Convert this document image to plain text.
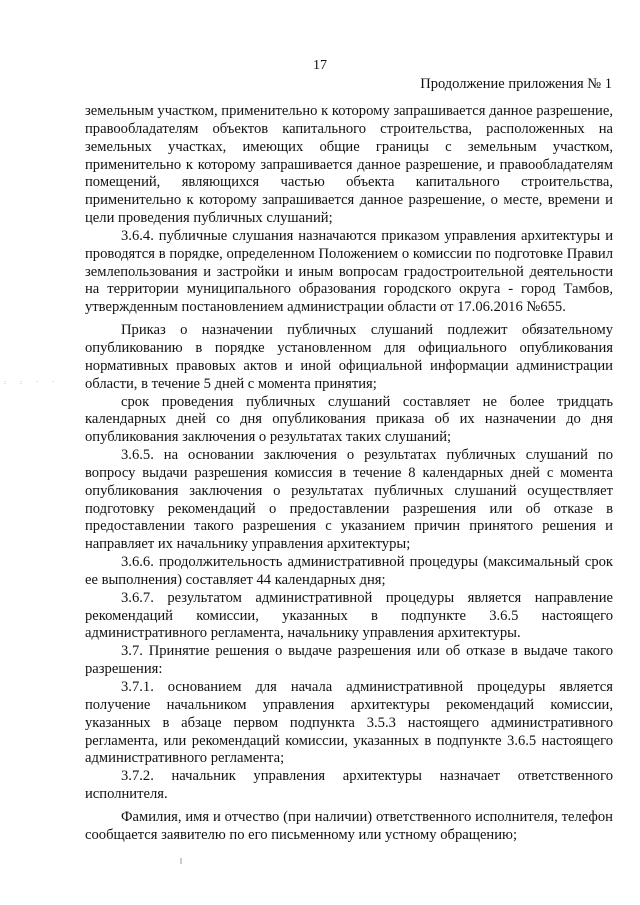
17
Продолжение приложения № 1
. . . . . .

земельным участком, применительно к которому запрашивается данное разрешение, правообладателям объектов капитального строительства, расположенных на земельных участках, имеющих общие границы с земельным участком, применительно к которому запрашивается данное разрешение, и правообладателям помещений, являющихся частью объекта капитального строительства, применительно к которому запрашивается данное разрешение, о месте, времени и цели проведения публичных слушаний;

3.6.4. публичные слушания назначаются приказом управления архитектуры и проводятся в порядке, определенном Положением о комиссии по подготовке Правил землепользования и застройки и иным вопросам градостроительной деятельности на территории муниципального образования городского округа - город Тамбов, утвержденным постановлением администрации области от 17.06.2016 №655.

Приказ о назначении публичных слушаний подлежит обязательному опубликованию в порядке установленном для официального опубликования нормативных правовых актов и иной официальной информации администрации области, в течение 5 дней с момента принятия;

срок проведения публичных слушаний составляет не более тридцать календарных дней со дня опубликования приказа об их назначении до дня опубликования заключения о результатах таких слушаний;

3.6.5. на основании заключения о результатах публичных слушаний по вопросу выдачи разрешения комиссия в течение 8 календарных дней с момента опубликования заключения о результатах публичных слушаний осуществляет подготовку рекомендаций о предоставлении разрешения или об отказе в предоставлении такого разрешения с указанием причин принятого решения и направляет их начальнику управления архитектуры;

3.6.6. продолжительность административной процедуры (максимальный срок ее выполнения) составляет 44 календарных дня;

3.6.7. результатом административной процедуры является направление рекомендаций комиссии, указанных в подпункте 3.6.5 настоящего административного регламента, начальнику управления архитектуры.

3.7. Принятие решения о выдаче разрешения или об отказе в выдаче такого разрешения:

3.7.1. основанием для начала административной процедуры является получение начальником управления архитектуры рекомендаций комиссии, указанных в абзаце первом подпункта 3.5.3 настоящего административного регламента, или рекомендаций комиссии, указанных в подпункте 3.6.5 настоящего административного регламента;

3.7.2. начальник управления архитектуры назначает ответственного исполнителя.

Фамилия, имя и отчество (при наличии) ответственного исполнителя, телефон сообщается заявителю по его письменному или устному обращению;
